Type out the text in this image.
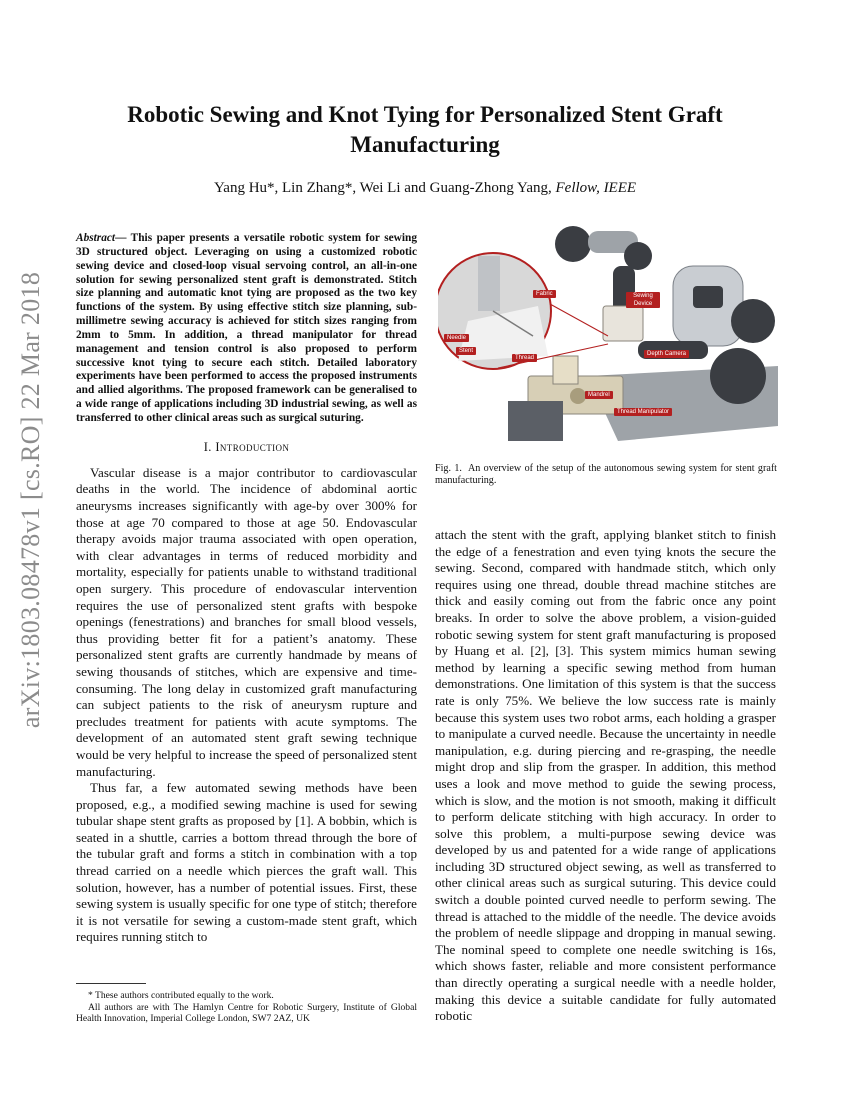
arXiv:1803.08478v1 [cs.RO] 22 Mar 2018
Robotic Sewing and Knot Tying for Personalized Stent Graft Manufacturing
Yang Hu*, Lin Zhang*, Wei Li and Guang-Zhong Yang, Fellow, IEEE

Abstract— This paper presents a versatile robotic system for sewing 3D structured object. Leveraging on using a customized robotic sewing device and closed-loop visual servoing control, an all-in-one solution for sewing personalized stent graft is demonstrated. Stitch size planning and automatic knot tying are proposed as the two key functions of the system. By using effective stitch size planning, sub-millimetre sewing accuracy is achieved for stitch sizes ranging from 2mm to 5mm. In addition, a thread manipulator for thread management and tension control is also proposed to perform successive knot tying to secure each stitch. Detailed laboratory experiments have been performed to access the proposed instruments and allied algorithms. The proposed framework can be generalised to a wide range of applications including 3D industrial sewing, as well as transferred to other clinical areas such as surgical suturing.

I. Introduction

Vascular disease is a major contributor to cardiovascular deaths in the world. The incidence of abdominal aortic aneurysms increases significantly with age-by over 300% for those at age 70 compared to those at age 50. Endovascular therapy avoids major trauma associated with open operation, with clear advantages in terms of reduced morbidity and mortality, especially for patients unable to withstand traditional open surgery. This procedure of endovascular intervention requires the use of personalized stent grafts with bespoke openings (fenestrations) and branches for small blood vessels, thus providing better fit for a patient’s anatomy. These personalized stent grafts are currently handmade by means of sewing thousands of stitches, which are expensive and time-consuming. The long delay in customized graft manufacturing can subject patients to the risk of aneurysm rupture and precludes treatment for patients with acute symptoms. The development of an automated stent graft sewing technique would be very helpful to increase the speed of personalized stent manufacturing.

Thus far, a few automated sewing methods have been proposed, e.g., a modified sewing machine is used for sewing tubular shape stent grafts as proposed by [1]. A bobbin, which is seated in a shuttle, carries a bottom thread through the bore of the tubular graft and forms a stitch in combination with a top thread carried on a needle which pierces the graft wall. This solution, however, has a number of potential issues. First, these sewing system is usually specific for one type of stitch; therefore it is not versatile for sewing a custom-made stent graft, which requires running stitch to

* These authors contributed equally to the work.

All authors are with The Hamlyn Centre for Robotic Surgery, Institute of Global Health Innovation, Imperial College London, SW7 2AZ, UK

Fabric	Sewing Device
Needle
Stent
Thread
Depth Camera
Mandrel
Thread Manipulator
Fig. 1. An overview of the setup of the autonomous sewing system for stent graft manufacturing.

attach the stent with the graft, applying blanket stitch to finish the edge of a fenestration and even tying knots the secure the sewing. Second, compared with handmade stitch, which only requires using one thread, double thread machine stitches are thick and easily coming out from the fabric once any point breaks. In order to solve the above problem, a vision-guided robotic sewing system for stent graft manufacturing is proposed by Huang et al. [2], [3]. This system mimics human sewing method by learning a specific sewing method from human demonstrations. One limitation of this system is that the success rate is only 75%. We believe the low success rate is mainly because this system uses two robot arms, each holding a grasper to manipulate a curved needle. Because the uncertainty in needle manipulation, e.g. during piercing and re-grasping, the needle might drop and slip from the grasper. In addition, this method uses a look and move method to guide the sewing process, which is slow, and the motion is not smooth, making it difficult to perform delicate stitching with high accuracy. In order to solve this problem, a multi-purpose sewing device was developed by us and patented for a wide range of applications including 3D structured object sewing, as well as transferred to other clinical areas such as surgical suturing. This device could switch a double pointed curved needle to perform sewing. The thread is attached to the middle of the needle. The device avoids the problem of needle slippage and dropping in manual sewing. The nominal speed to complete one needle switching is 16s, which shows faster, reliable and more consistent performance than directly operating a surgical needle with a needle holder, making this device a suitable candidate for fully automated robotic
